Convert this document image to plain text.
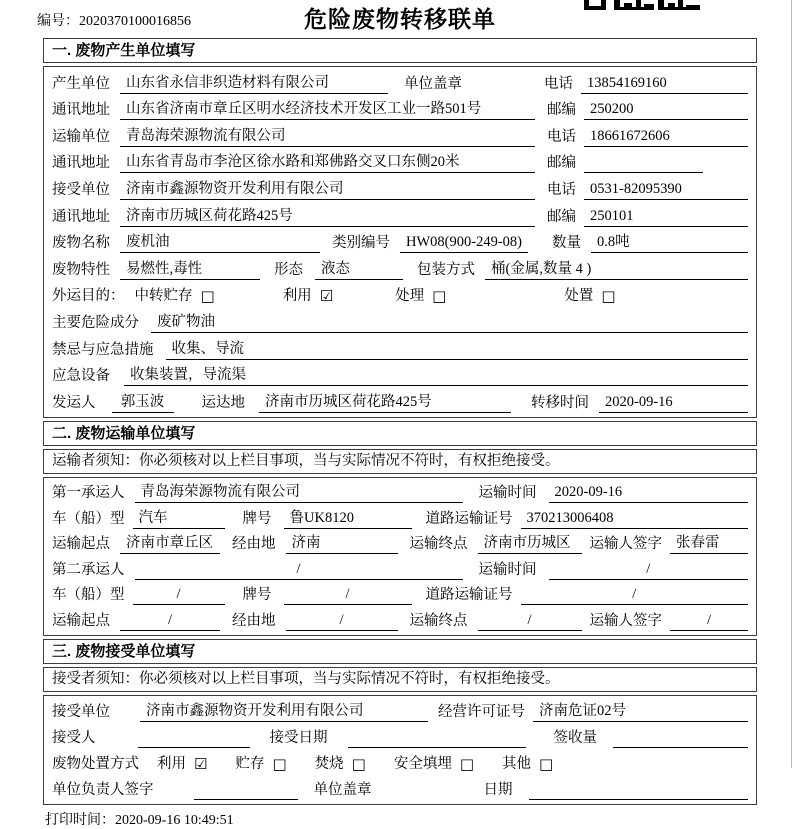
编号：2020370100016856	危险废物转移联单
一. 废物产生单位填写
产生单位	山东省永信非织造材料有限公司	单位盖章	电话 13854169160
通讯地址	山东省济南市章丘区明水经济技术开发区工业一路501号	邮编 250200
运输单位	青岛海荣源物流有限公司	电话 18661672606
通讯地址	山东省青岛市李沧区徐水路和郑佛路交叉口东侧20米	邮编
接受单位	济南市鑫源物资开发利用有限公司	电话 0531-82095390
通讯地址	济南市历城区荷花路425号	邮编 250101
废物名称	废机油	类别编号	HW08(900-249-08)	数量	0.8吨
废物特性	易燃性,毒性	形态	液态	包装方式	桶(金属,数量 4 )
外运目的： 中转贮存 □	利用 ☑	处理 □	处置 □
主要危险成分	废矿物油
禁忌与应急措施	收集、导流
应急设备	收集装置，导流渠
发运人	郭玉波	运达地	济南市历城区荷花路425号	转移时间	2020-09-16
二. 废物运输单位填写
运输者须知：你必须核对以上栏目事项，当与实际情况不符时，有权拒绝接受。
第一承运人	青岛海荣源物流有限公司	运输时间	2020-09-16
车（船）型 汽车	牌号	鲁UK8120	道路运输证号 370213006408
运输起点	济南市章丘区	经由地	济南	运输终点	济南市历城区	运输人签字 张春雷
第二承运人	/	运输时间	/
车（船）型	/	牌号	/	道路运输证号	/
运输起点	/	经由地	/	运输终点	/	运输人签字	/
三. 废物接受单位填写
接受者须知：你必须核对以上栏目事项，当与实际情况不符时，有权拒绝接受。
接受单位	济南市鑫源物资开发利用有限公司	经营许可证号 济南危证02号
接受人	接受日期	签收量
废物处置方式 利用 ☑ 贮存 □ 焚烧 □ 安全填埋 □ 其他 □
单位负责人签字	单位盖章	日期
打印时间：2020-09-16 10:49:51
